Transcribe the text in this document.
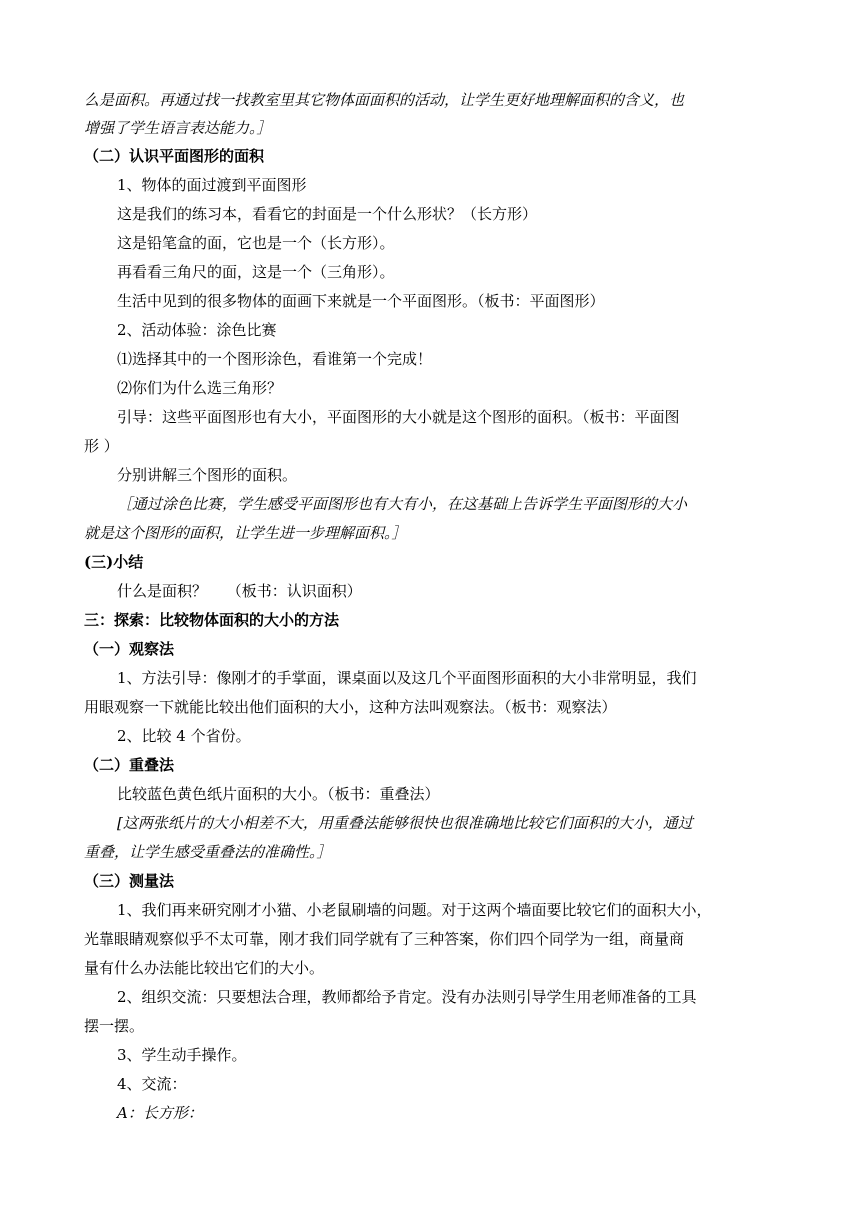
么是面积。再通过找一找教室里其它物体面面积的活动，让学生更好地理解面积的含义，也

增强了学生语言表达能力。］

（二）认识平面图形的面积

1、物体的面过渡到平面图形

这是我们的练习本，看看它的封面是一个什么形状？（长方形）

这是铅笔盒的面，它也是一个（长方形）。

再看看三角尺的面，这是一个（三角形）。

生活中见到的很多物体的面画下来就是一个平面图形。（板书：平面图形）

2、活动体验：涂色比赛

⑴选择其中的一个图形涂色，看谁第一个完成！

⑵你们为什么选三角形？

引导：这些平面图形也有大小，平面图形的大小就是这个图形的面积。（板书：平面图

形 ）

分别讲解三个图形的面积。

［通过涂色比赛，学生感受平面图形也有大有小，在这基础上告诉学生平面图形的大小

就是这个图形的面积，让学生进一步理解面积。］

(三)小结

什么是面积？　 （板书：认识面积）

三：探索：比较物体面积的大小的方法

（一）观察法

1、方法引导：像刚才的手掌面，课桌面以及这几个平面图形面积的大小非常明显，我们

用眼观察一下就能比较出他们面积的大小，这种方法叫观察法。（板书：观察法）

2、比较 4 个省份。

（二）重叠法

比较蓝色黄色纸片面积的大小。（板书：重叠法）

[这两张纸片的大小相差不大，用重叠法能够很快也很准确地比较它们面积的大小，通过

重叠，让学生感受重叠法的准确性。］

（三）测量法

1、我们再来研究刚才小猫、小老鼠刷墙的问题。对于这两个墙面要比较它们的面积大小，

光靠眼睛观察似乎不太可靠，刚才我们同学就有了三种答案，你们四个同学为一组，商量商

量有什么办法能比较出它们的大小。

2、组织交流：只要想法合理，教师都给予肯定。没有办法则引导学生用老师准备的工具

摆一摆。

3、学生动手操作。

4、交流：

A：长方形：
